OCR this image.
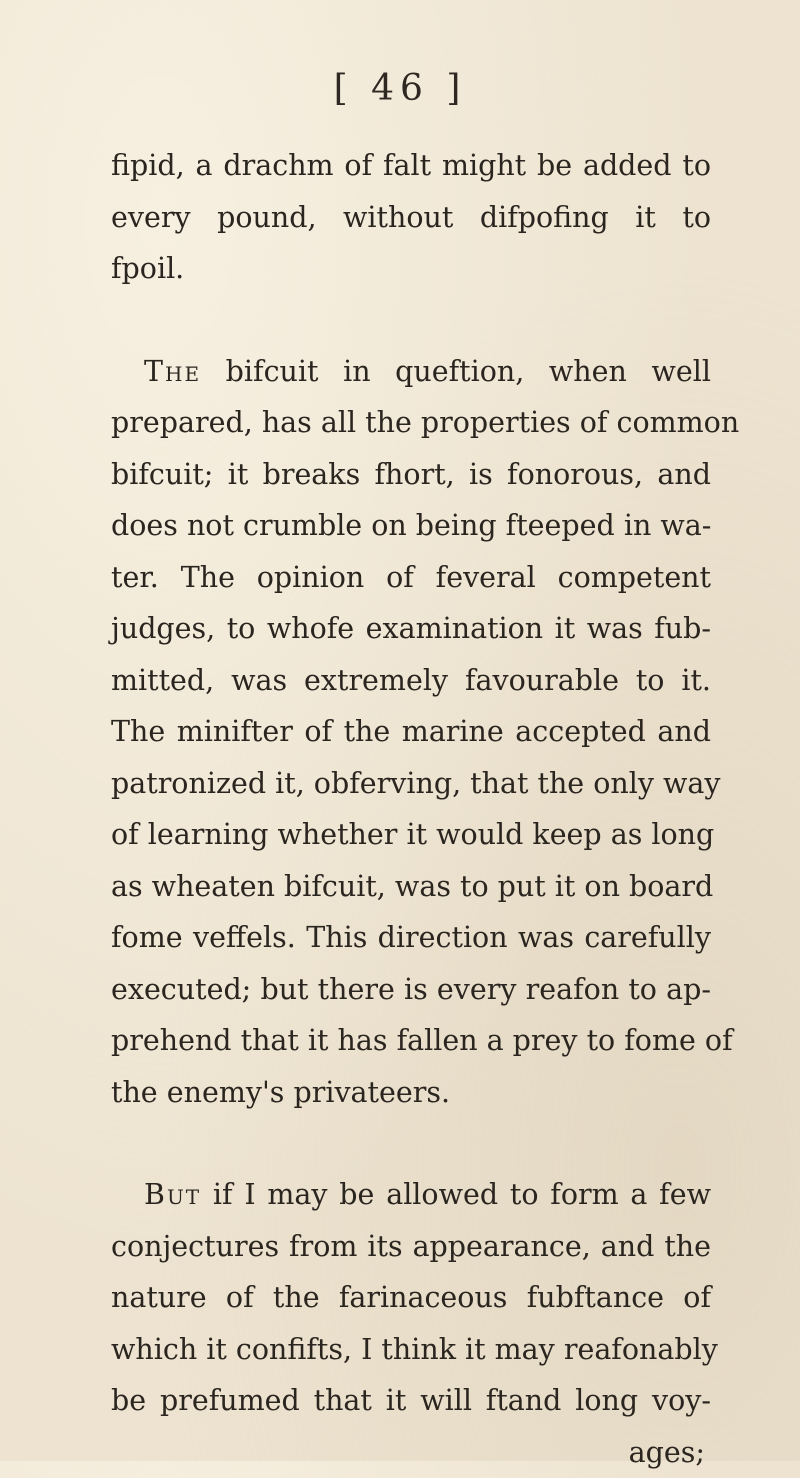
[ 46 ]
fipid, a drachm of falt might be added to
every pound, without difpofing it to
fpoil.
The bifcuit in queftion, when well
prepared, has all the properties of common
bifcuit; it breaks fhort, is fonorous, and
does not crumble on being fteeped in wa-
ter. The opinion of feveral competent
judges, to whofe examination it was fub-
mitted, was extremely favourable to it.
The minifter of the marine accepted and
patronized it, obferving, that the only way
of learning whether it would keep as long
as wheaten bifcuit, was to put it on board
fome veffels. This direction was carefully
executed; but there is every reafon to ap-
prehend that it has fallen a prey to fome of
the enemy's privateers.
But if I may be allowed to form a few
conjectures from its appearance, and the
nature of the farinaceous fubftance of
which it confifts, I think it may reafonably
be prefumed that it will ftand long voy-
ages;
